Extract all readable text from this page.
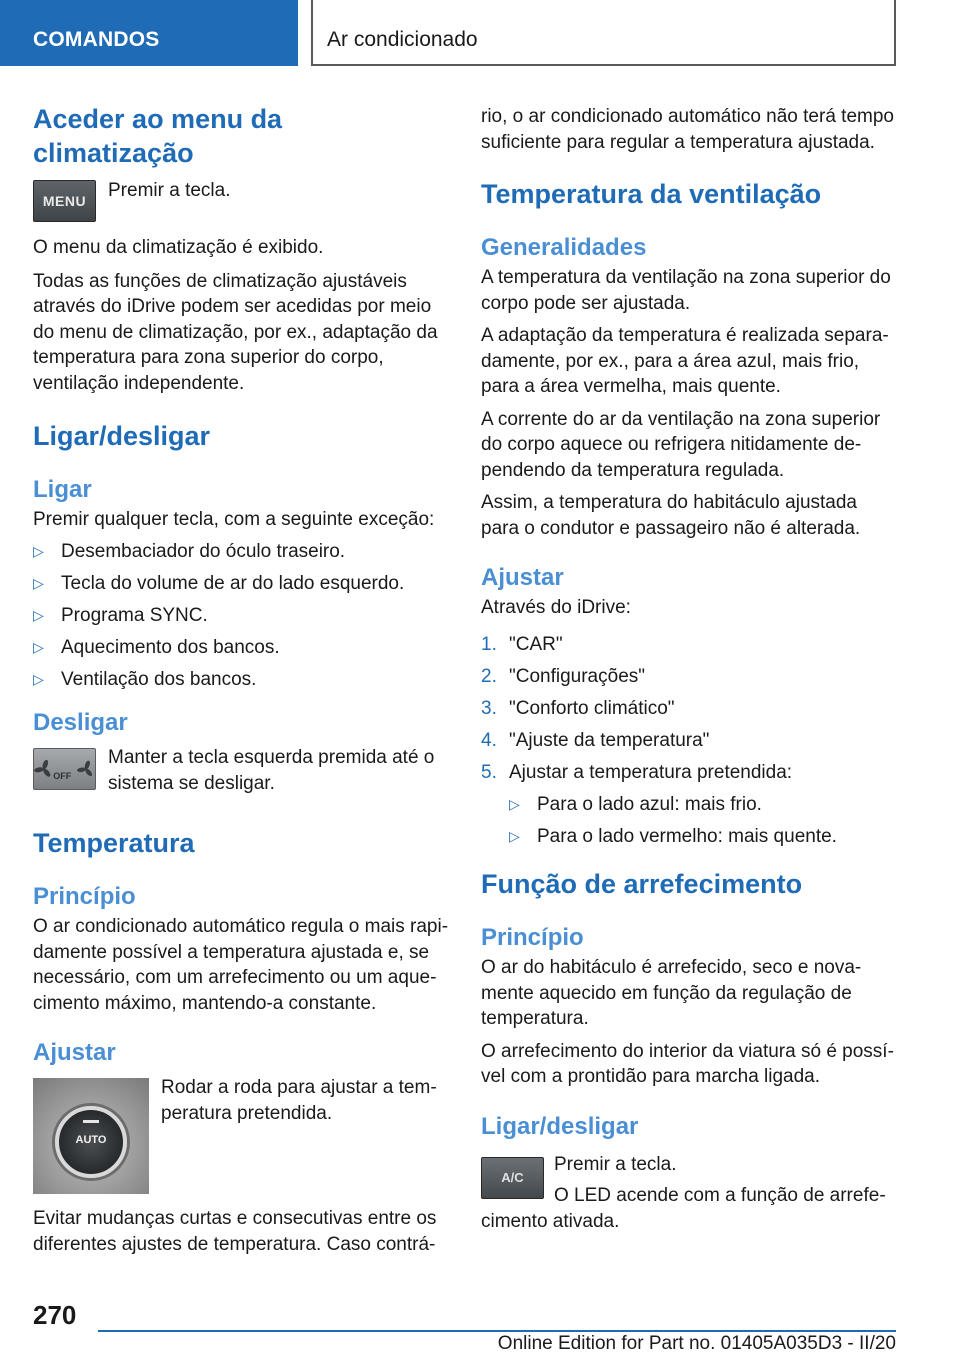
COMANDOS	Ar condicionado
Aceder ao menu da climatização
MENU	Premir a tecla.

O menu da climatização é exibido.

Todas as funções de climatização ajustáveis através do iDrive podem ser acedidas por meio do menu de climatização, por ex., adaptação da temperatura para zona superior do corpo, ventilação independente.

Ligar/desligar
Ligar

Premir qualquer tecla, com a seguinte exceção:

▷ Desembaciador do óculo traseiro.
▷ Tecla do volume de ar do lado esquerdo.
▷ Programa SYNC.
▷ Aquecimento dos bancos.
▷ Ventilação dos bancos.
Desligar
OFF
Manter a tecla esquerda premida até o sistema se desligar.
Temperatura
Princípio

O ar condicionado automático regula o mais rapidamente possível a temperatura ajustada e, se necessário, com um arrefecimento ou um aquecimento máximo, mantendo-a constante.

Ajustar
AUTO
Rodar a roda para ajustar a temperatura pretendida.

Evitar mudanças curtas e consecutivas entre os diferentes ajustes de temperatura. Caso contrá-

rio, o ar condicionado automático não terá tempo suficiente para regular a temperatura ajustada.

Temperatura da ventilação
Generalidades

A temperatura da ventilação na zona superior do corpo pode ser ajustada.

A adaptação da temperatura é realizada separadamente, por ex., para a área azul, mais frio, para a área vermelha, mais quente.

A corrente do ar da ventilação na zona superior do corpo aquece ou refrigera nitidamente dependendo da temperatura regulada.

Assim, a temperatura do habitáculo ajustada para o condutor e passageiro não é alterada.

Ajustar

Através do iDrive:

1. "CAR"
2. "Configurações"
3. "Conforto climático"
4. "Ajuste da temperatura"
5. Ajustar a temperatura pretendida:
▷ Para o lado azul: mais frio.
▷ Para o lado vermelho: mais quente.
Função de arrefecimento
Princípio

O ar do habitáculo é arrefecido, seco e novamente aquecido em função da regulação de temperatura.

O arrefecimento do interior da viatura só é possível com a prontidão para marcha ligada.

Ligar/desligar
A/C

Premir a tecla.

O LED acende com a função de arrefecimento ativada.

270
Online Edition for Part no. 01405A035D3 - II/20
